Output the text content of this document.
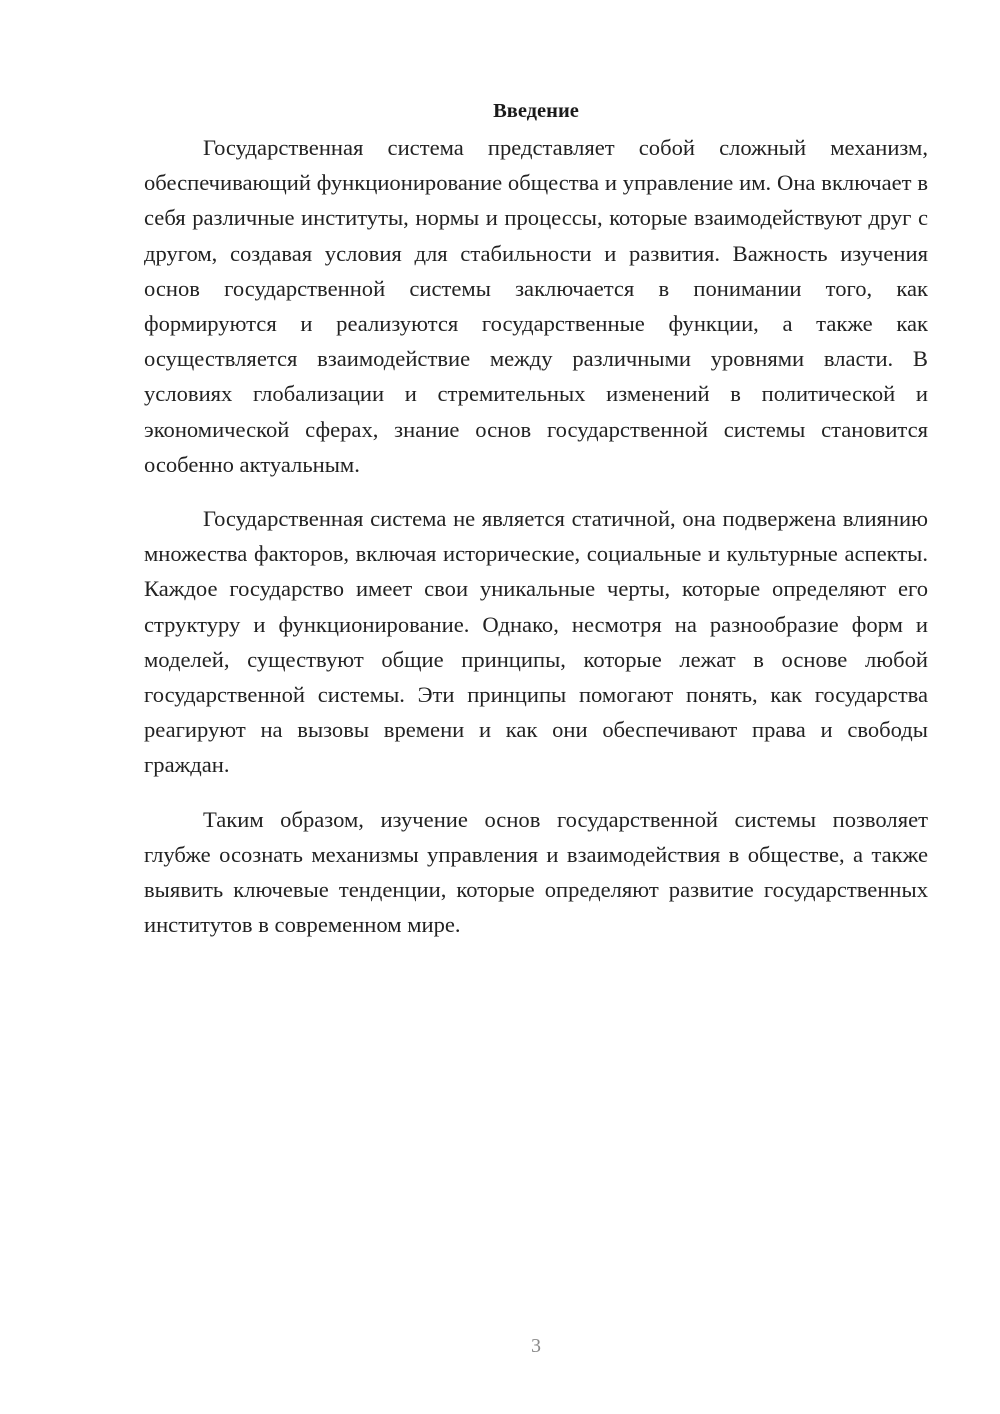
Введение

Государственная система представляет собой сложный механизм, обеспечивающий функционирование общества и управление им. Она включает в себя различные институты, нормы и процессы, которые взаимодействуют друг с другом, создавая условия для стабильности и развития. Важность изучения основ государственной системы заключается в понимании того, как формируются и реализуются государственные функции, а также как осуществляется взаимодействие между различными уровнями власти. В условиях глобализации и стремительных изменений в политической и экономической сферах, знание основ государственной системы становится особенно актуальным.

Государственная система не является статичной, она подвержена влиянию множества факторов, включая исторические, социальные и культурные аспекты. Каждое государство имеет свои уникальные черты, которые определяют его структуру и функционирование. Однако, несмотря на разнообразие форм и моделей, существуют общие принципы, которые лежат в основе любой государственной системы. Эти принципы помогают понять, как государства реагируют на вызовы времени и как они обеспечивают права и свободы граждан.

Таким образом, изучение основ государственной системы позволяет глубже осознать механизмы управления и взаимодействия в обществе, а также выявить ключевые тенденции, которые определяют развитие государственных институтов в современном мире.

3
